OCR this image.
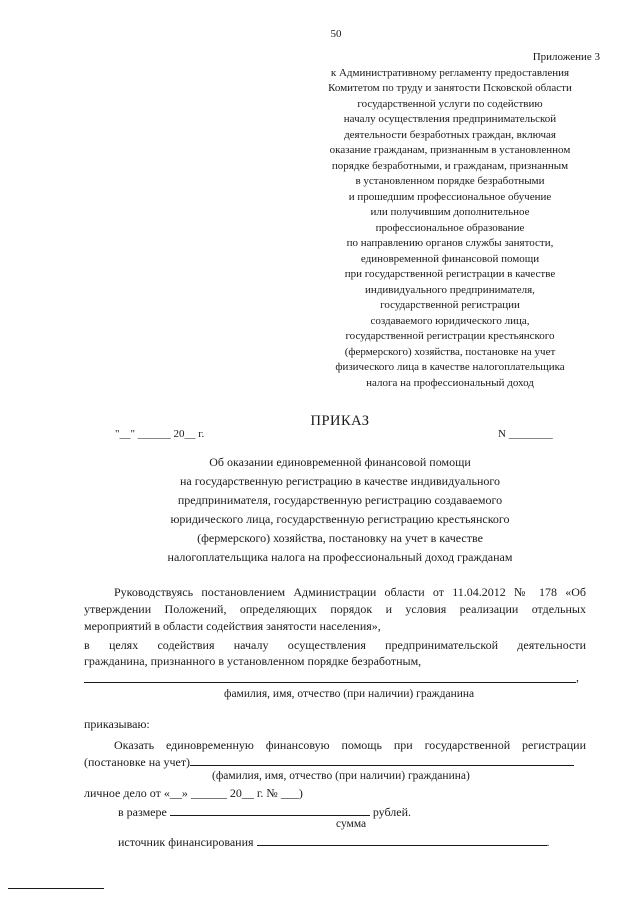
50
Приложение 3
к Административному регламенту предоставления
Комитетом по труду и занятости Псковской области
государственной услуги по содействию
началу осуществления предпринимательской
деятельности безработных граждан, включая
оказание гражданам, признанным в установленном
порядке безработными, и гражданам, признанным
в установленном порядке безработными
и прошедшим профессиональное обучение
или получившим дополнительное
профессиональное образование
по направлению органов службы занятости,
единовременной финансовой помощи
при государственной регистрации в качестве
индивидуального предпринимателя,
государственной регистрации
создаваемого юридического лица,
государственной регистрации крестьянского
(фермерского) хозяйства, постановке на учет
физического лица в качестве налогоплательщика
налога на профессиональный доход
ПРИКАЗ
"__" ______ 20__ г.	N ________
Об оказании единовременной финансовой помощи
на государственную регистрацию в качестве индивидуального
предпринимателя, государственную регистрацию создаваемого
юридического лица, государственную регистрацию крестьянского
(фермерского) хозяйства, постановку на учет в качестве
налогоплательщика налога на профессиональный доход гражданам
Руководствуясь постановлением Администрации области от 11.04.2012 № 178 «Об
утверждении Положений, определяющих порядок и условия реализации отдельных
мероприятий в области содействия занятости населения»,
в целях содействия началу осуществления предпринимательской деятельности
гражданина, признанного в установленном порядке безработным,
,
фамилия, имя, отчество (при наличии) гражданина
приказываю:
Оказать единовременную финансовую помощь при государственной регистрации
(постановке на учет)
(фамилия, имя, отчество (при наличии) гражданина)
личное дело от «__» ______ 20__ г. № ___)
в размере	рублей.
сумма
источник финансирования	.
